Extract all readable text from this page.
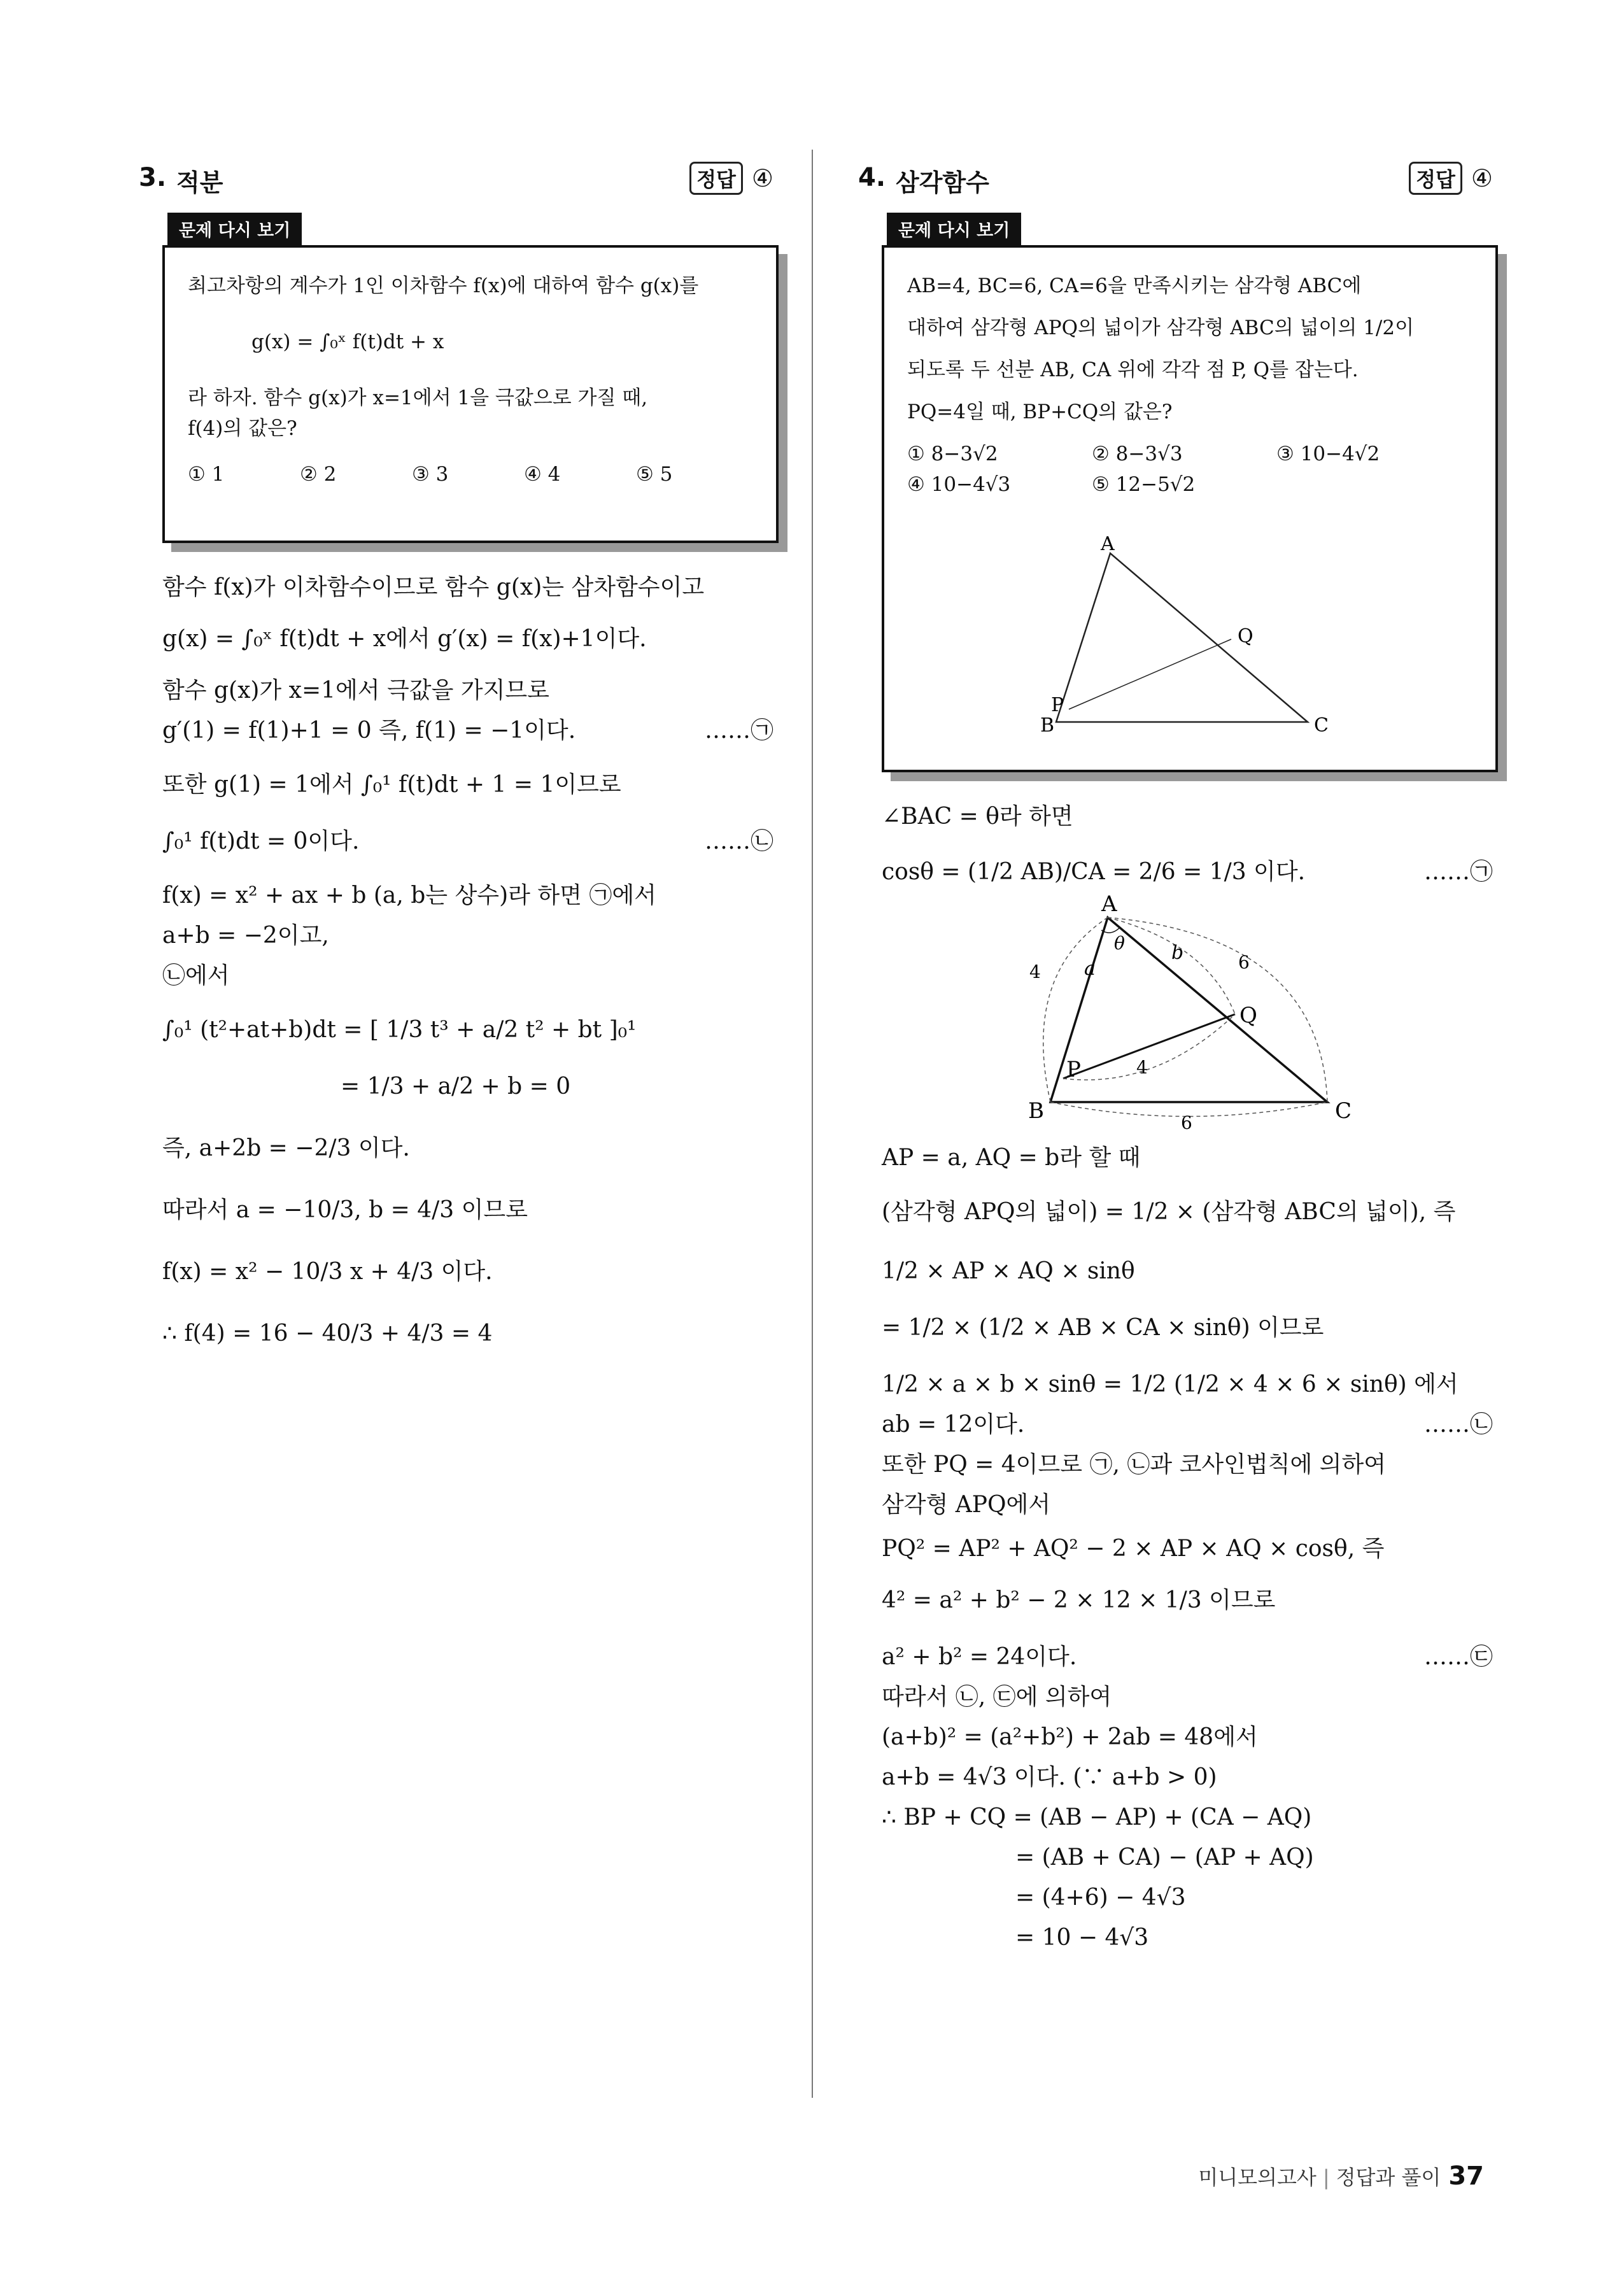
3. 적분	정답 ④
문제 다시 보기

최고차항의 계수가 1인 이차함수 f(x)에 대하여 함수 g(x)를

g(x) = ∫₀ˣ f(t)dt + x

라 하자. 함수 g(x)가 x=1에서 1을 극값으로 가질 때,

f(4)의 값은?

① 1	② 2	③ 3	④ 4	⑤ 5
함수 f(x)가 이차함수이므로 함수 g(x)는 삼차함수이고
g(x) = ∫₀ˣ f(t)dt + x에서 g′(x) = f(x)+1이다.
함수 g(x)가 x=1에서 극값을 가지므로
g′(1) = f(1)+1 = 0 즉, f(1) = −1이다.	……㉠
또한 g(1) = 1에서 ∫₀¹ f(t)dt + 1 = 1이므로
∫₀¹ f(t)dt = 0이다.	……㉡
f(x) = x² + ax + b (a, b는 상수)라 하면 ㉠에서
a+b = −2이고,
㉡에서
∫₀¹ (t²+at+b)dt = [ 1/3 t³ + a/2 t² + bt ]₀¹
= 1/3 + a/2 + b = 0
즉, a+2b = −2/3 이다.
따라서 a = −10/3, b = 4/3 이므로
f(x) = x² − 10/3 x + 4/3 이다.
∴ f(4) = 16 − 40/3 + 4/3 = 4
4. 삼각함수	정답 ④
문제 다시 보기

AB=4, BC=6, CA=6을 만족시키는 삼각형 ABC에

대하여 삼각형 APQ의 넓이가 삼각형 ABC의 넓이의 1/2이

되도록 두 선분 AB, CA 위에 각각 점 P, Q를 잡는다.

PQ=4일 때, BP+CQ의 값은?

① 8−3√2	② 8−3√3	③ 10−4√2
④ 10−4√3	⑤ 12−5√2
A
B	C
P
Q
∠BAC = θ라 하면
cosθ = (1/2 AB)/CA = 2/6 = 1/3 이다.	……㉠
A
B	C
P
Q
θ
a
b
4	6
4
6
AP = a, AQ = b라 할 때
(삼각형 APQ의 넓이) = 1/2 × (삼각형 ABC의 넓이), 즉
1/2 × AP × AQ × sinθ
= 1/2 × (1/2 × AB × CA × sinθ) 이므로
1/2 × a × b × sinθ = 1/2 (1/2 × 4 × 6 × sinθ) 에서
ab = 12이다.	……㉡
또한 PQ = 4이므로 ㉠, ㉡과 코사인법칙에 의하여
삼각형 APQ에서
PQ² = AP² + AQ² − 2 × AP × AQ × cosθ, 즉
4² = a² + b² − 2 × 12 × 1/3 이므로
a² + b² = 24이다.	……㉢
따라서 ㉡, ㉢에 의하여
(a+b)² = (a²+b²) + 2ab = 48에서
a+b = 4√3 이다. (∵ a+b > 0)
∴ BP + CQ = (AB − AP) + (CA − AQ)
= (AB + CA) − (AP + AQ)
= (4+6) − 4√3
= 10 − 4√3
미니모의고사 | 정답과 풀이 37
